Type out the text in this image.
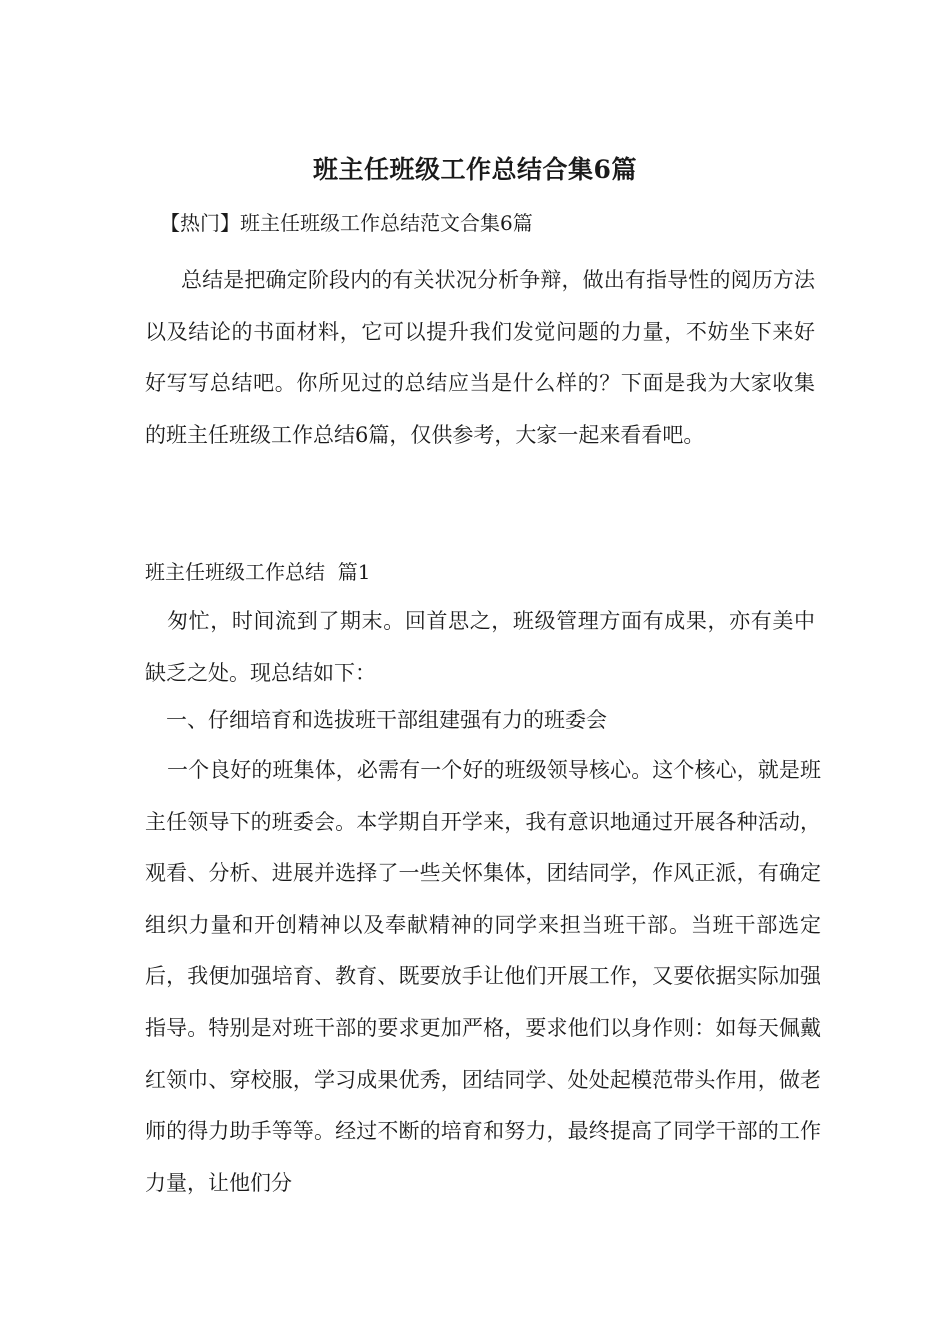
班主任班级工作总结合集6篇

【热门】班主任班级工作总结范文合集6篇

总结是把确定阶段内的有关状况分析争辩，做出有指导性的阅历方法以及结论的书面材料，它可以提升我们发觉问题的力量，不妨坐下来好好写写总结吧。你所见过的总结应当是什么样的？下面是我为大家收集的班主任班级工作总结6篇，仅供参考，大家一起来看看吧。

班主任班级工作总结  篇1

匆忙，时间流到了期末。回首思之，班级管理方面有成果，亦有美中缺乏之处。现总结如下：

一、仔细培育和选拔班干部组建强有力的班委会

一个良好的班集体，必需有一个好的班级领导核心。这个核心，就是班主任领导下的班委会。本学期自开学来，我有意识地通过开展各种活动，观看、分析、进展并选择了一些关怀集体，团结同学，作风正派，有确定组织力量和开创精神以及奉献精神的同学来担当班干部。当班干部选定后，我便加强培育、教育、既要放手让他们开展工作，又要依据实际加强指导。特别是对班干部的要求更加严格，要求他们以身作则：如每天佩戴红领巾、穿校服，学习成果优秀，团结同学、处处起模范带头作用，做老师的得力助手等等。经过不断的培育和努力，最终提高了同学干部的工作力量，让他们分
